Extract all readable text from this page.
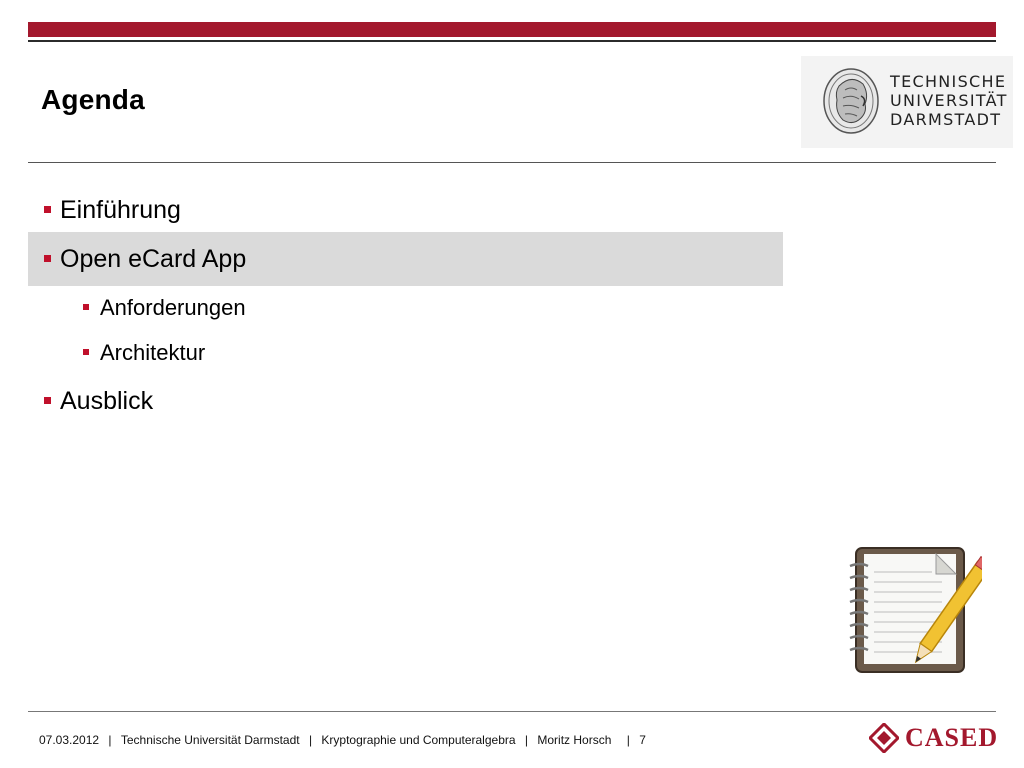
Agenda
TECHNISCHE
UNIVERSITÄT
DARMSTADT
Einführung
Open eCard App
Anforderungen
Architektur
Ausblick
07.03.2012 | Technische Universität Darmstadt | Kryptographie und Computeralgebra | Moritz Horsch | 7	CASED
